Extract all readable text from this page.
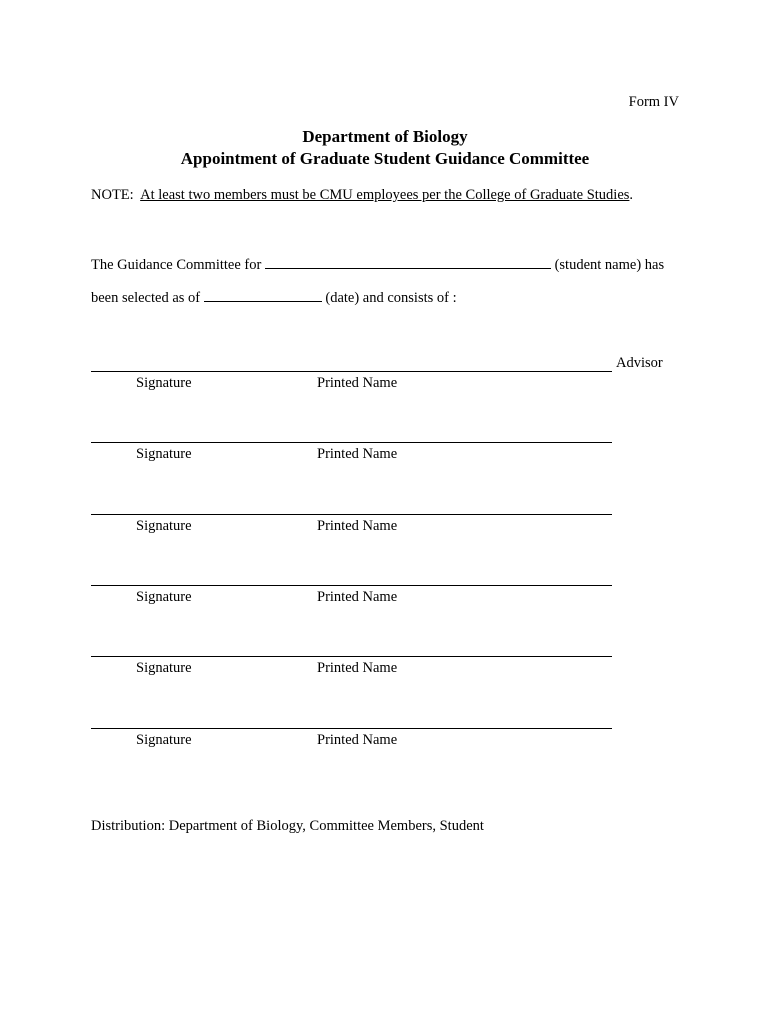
Form IV
Department of Biology
Appointment of Graduate Student Guidance Committee
NOTE: At least two members must be CMU employees per the College of Graduate Studies.
The Guidance Committee for	(student name) has
been selected as of	(date) and consists of :
Advisor
Signature	Printed Name
Signature	Printed Name
Signature	Printed Name
Signature	Printed Name
Signature	Printed Name
Signature	Printed Name
Distribution: Department of Biology, Committee Members, Student
